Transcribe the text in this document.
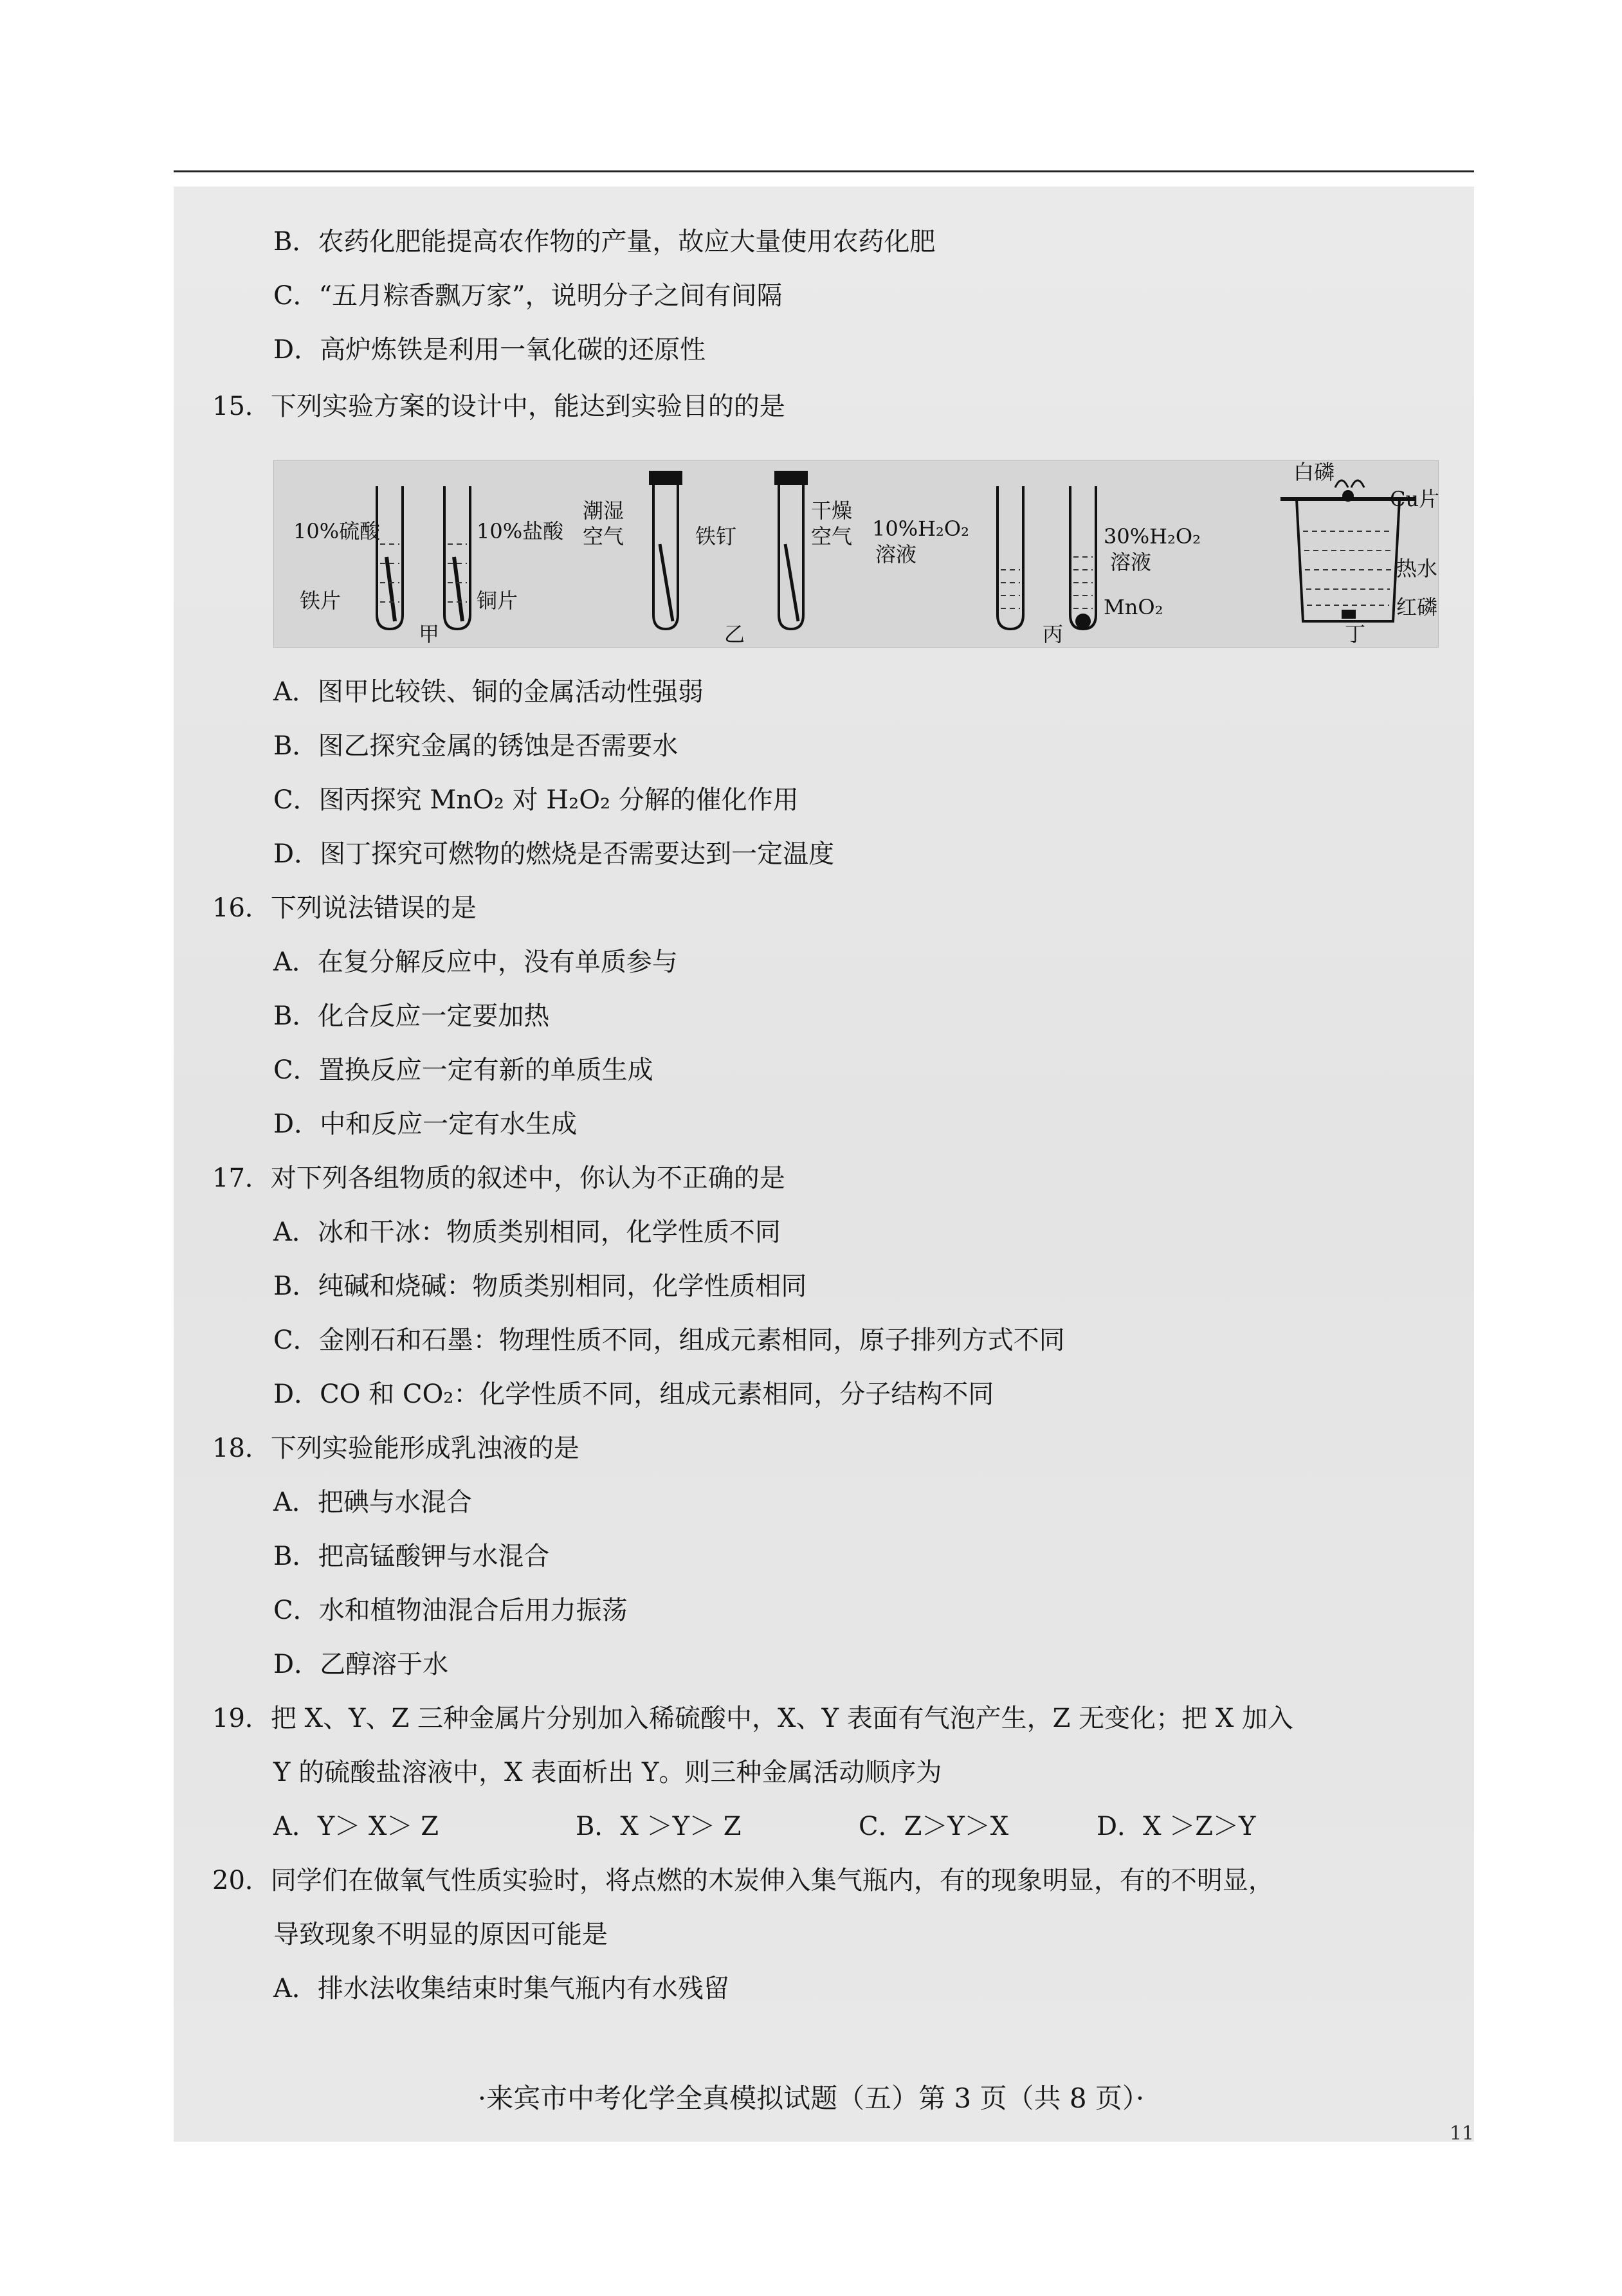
B．农药化肥能提高农作物的产量，故应大量使用农药化肥
C．“五月粽香飘万家”，说明分子之间有间隔
D．高炉炼铁是利用一氧化碳的还原性
15．下列实验方案的设计中，能达到实验目的的是
10%硫酸	10%盐酸
铁片	铜片
潮湿
空气	铁钉
干燥
空气 10%H₂O₂
溶液
30%H₂O₂
溶液
MnO₂
白磷
Cu片
热水
红磷
甲	乙	丙	丁
A．图甲比较铁、铜的金属活动性强弱
B．图乙探究金属的锈蚀是否需要水
C．图丙探究 MnO₂ 对 H₂O₂ 分解的催化作用
D．图丁探究可燃物的燃烧是否需要达到一定温度
16．下列说法错误的是
A．在复分解反应中，没有单质参与
B．化合反应一定要加热
C．置换反应一定有新的单质生成
D．中和反应一定有水生成
17．对下列各组物质的叙述中，你认为不正确的是
A．冰和干冰：物质类别相同，化学性质不同
B．纯碱和烧碱：物质类别相同，化学性质相同
C．金刚石和石墨：物理性质不同，组成元素相同，原子排列方式不同
D．CO 和 CO₂：化学性质不同，组成元素相同，分子结构不同
18．下列实验能形成乳浊液的是
A．把碘与水混合
B．把高锰酸钾与水混合
C．水和植物油混合后用力振荡
D．乙醇溶于水
19．把 X、Y、Z 三种金属片分别加入稀硫酸中，X、Y 表面有气泡产生，Z 无变化；把 X 加入
Y 的硫酸盐溶液中，X 表面析出 Y。则三种金属活动顺序为
A．Y＞ X＞ Z	B．X ＞Y＞ Z	C．Z＞Y＞X	D．X ＞Z＞Y
20．同学们在做氧气性质实验时，将点燃的木炭伸入集气瓶内，有的现象明显，有的不明显，
导致现象不明显的原因可能是
A．排水法收集结束时集气瓶内有水残留
·来宾市中考化学全真模拟试题（五）第 3 页（共 8 页）·
11
